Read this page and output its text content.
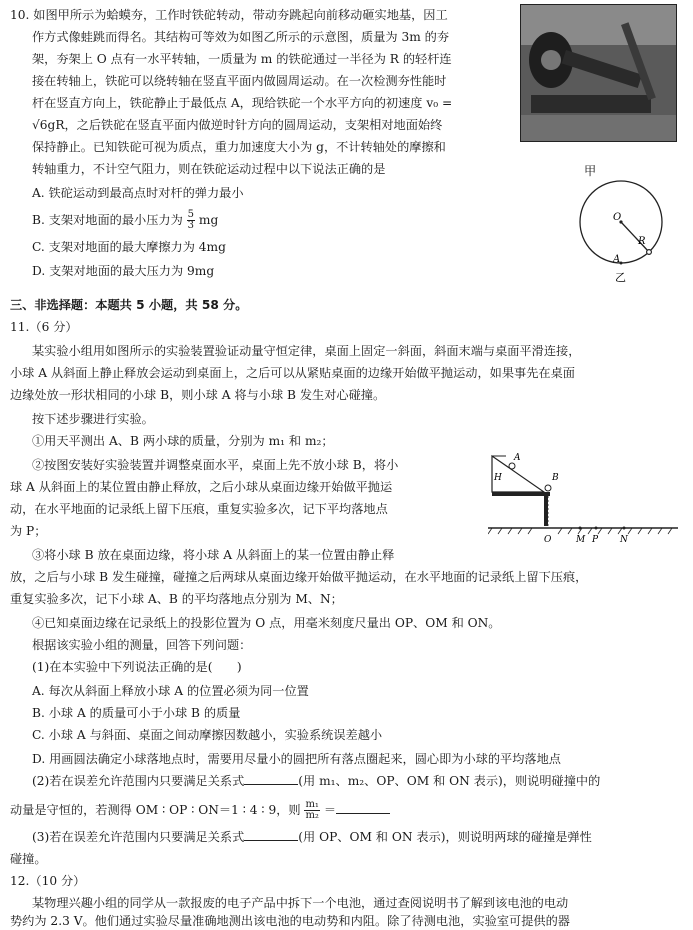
10. 如图甲所示为蛤蟆夯，工作时铁砣转动，带动夯跳起向前移动砸实地基，因工
作方式像蛙跳而得名。其结构可等效为如图乙所示的示意图，质量为 3m 的夯
架，夯架上 O 点有一水平转轴，一质量为 m 的铁砣通过一半径为 R 的轻杆连
接在转轴上，铁砣可以绕转轴在竖直平面内做圆周运动。在一次检测夯性能时
杆在竖直方向上，铁砣静止于最低点 A，现给铁砣一个水平方向的初速度 v₀ =
√6gR，之后铁砣在竖直平面内做逆时针方向的圆周运动，支架相对地面始终
保持静止。已知铁砣可视为质点，重力加速度大小为 g，不计转轴处的摩擦和
转轴重力，不计空气阻力，则在铁砣运动过程中以下说法正确的是
A. 铁砣运动到最高点时对杆的弹力最小
B. 支架对地面的最小压力为 $\frac{5}{3}$ mg
C. 支架对地面的最大摩擦力为 4mg
D. 支架对地面的最大压力为 9mg
甲
O
R
A
乙
三、非选择题：本题共 5 小题，共 58 分。
11.（6 分）
某实验小组用如图所示的实验装置验证动量守恒定律，桌面上固定一斜面，斜面末端与桌面平滑连接，
小球 A 从斜面上静止释放会运动到桌面上，之后可以从紧贴桌面的边缘开始做平抛运动，如果事先在桌面
边缘处放一形状相同的小球 B，则小球 A 将与小球 B 发生对心碰撞。
按下述步骤进行实验。
①用天平测出 A、B 两小球的质量，分别为 m₁ 和 m₂；
②按图安装好实验装置并调整桌面水平，桌面上先不放小球 B，将小
球 A 从斜面上的某位置由静止释放，之后小球从桌面边缘开始做平抛运
动，在水平地面的记录纸上留下压痕，重复实验多次，记下平均落地点
为 P；
③将小球 B 放在桌面边缘，将小球 A 从斜面上的某一位置由静止释
放，之后与小球 B 发生碰撞，碰撞之后两球从桌面边缘开始做平抛运动，在水平地面的记录纸上留下压痕，
重复实验多次，记下小球 A、B 的平均落地点分别为 M、N；
④已知桌面边缘在记录纸上的投影位置为 O 点，用毫米刻度尺量出 OP、OM 和 ON。
根据该实验小组的测量，回答下列问题：
(1)在本实验中下列说法正确的是(　　)
A. 每次从斜面上释放小球 A 的位置必须为同一位置
B. 小球 A 的质量可小于小球 B 的质量
C. 小球 A 与斜面、桌面之间动摩擦因数越小，实验系统误差越小
D. 用画圆法确定小球落地点时，需要用尽量小的圆把所有落点圈起来，圆心即为小球的平均落地点
(2)若在误差允许范围内只要满足关系式	(用 m₁、m₂、OP、OM 和 ON 表示)，则说明碰撞中的
动量是守恒的，若测得 OM ∶ OP ∶ ON＝1 ∶ 4 ∶ 9，则 $\frac{\text{m₁}}{\text{m₂}}$ ＝
(3)若在误差允许范围内只要满足关系式	(用 OP、OM 和 ON 表示)，则说明两球的碰撞是弹性
碰撞。
A
H	B
O	M P N
12.（10 分）
某物理兴趣小组的同学从一款报废的电子产品中拆下一个电池，通过查阅说明书了解到该电池的电动
势约为 2.3 V。他们通过实验尽量准确地测出该电池的电动势和内阻。除了待测电池，实验室可提供的器
